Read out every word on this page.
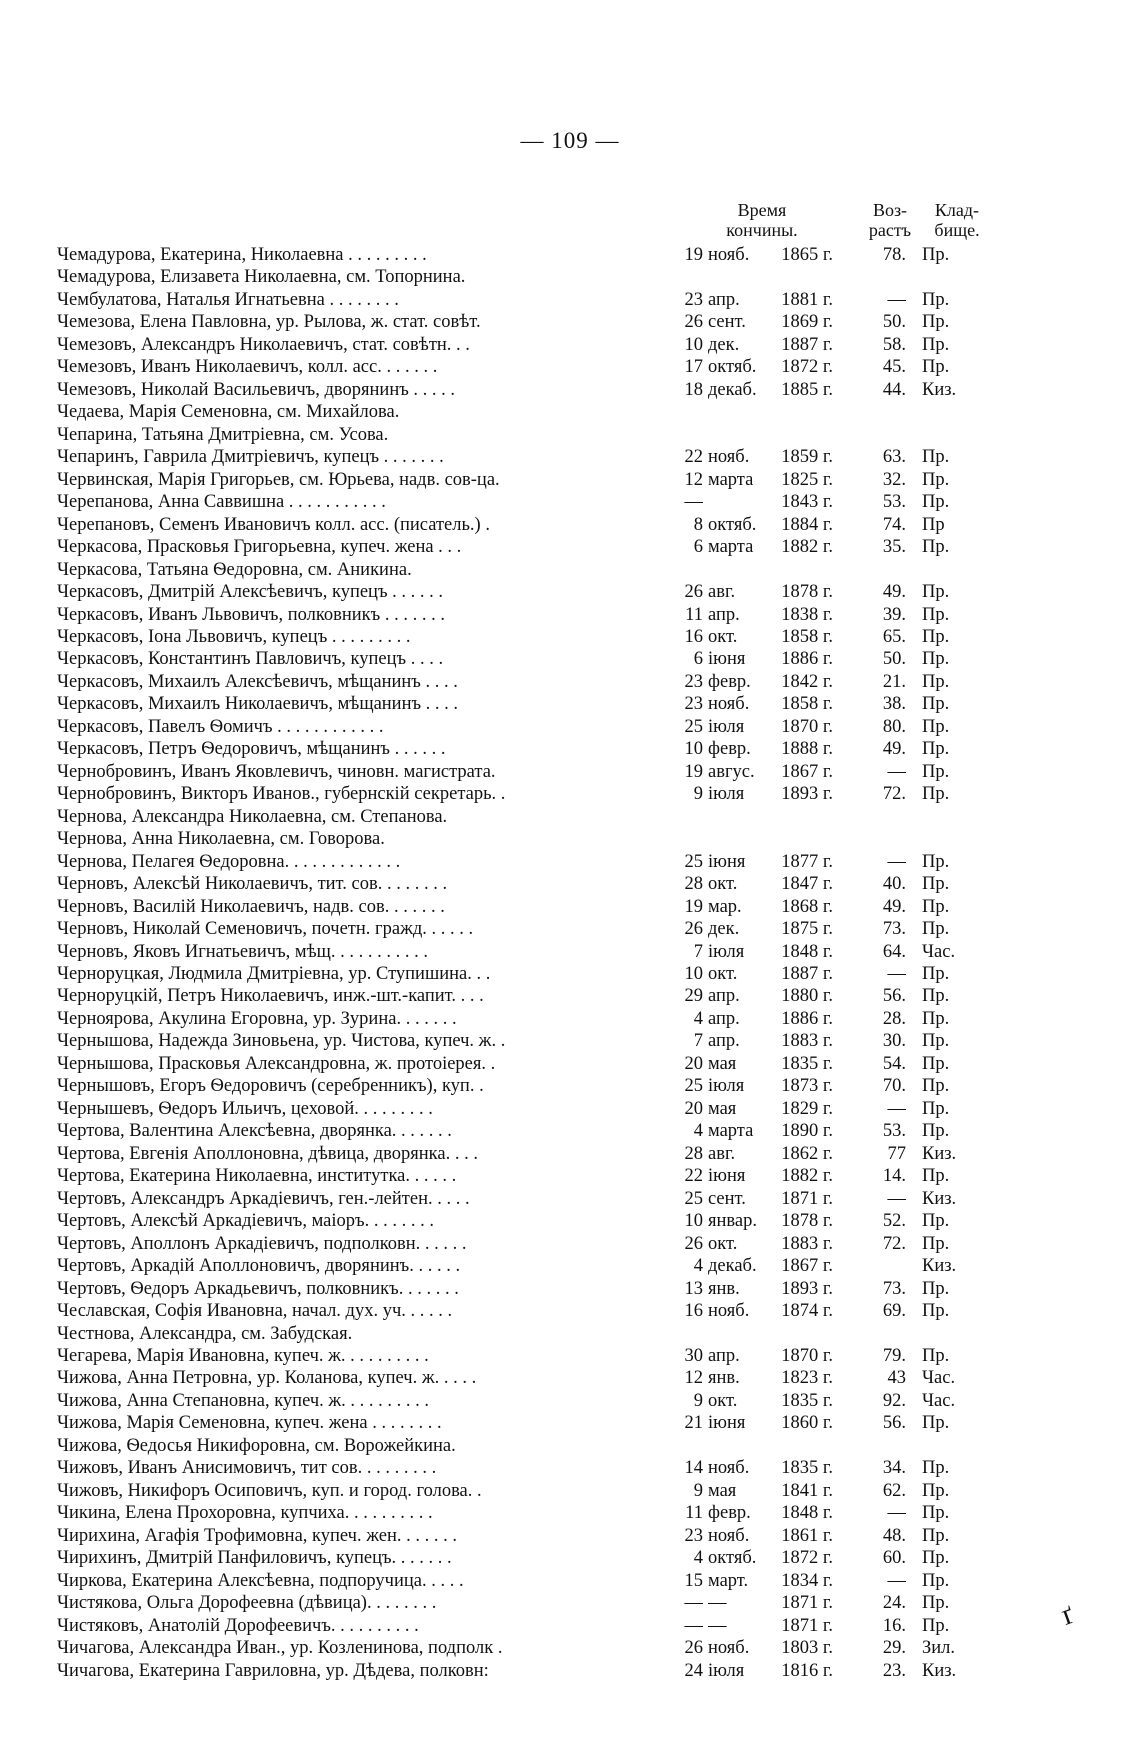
— 109 —
Время
кончины.
Воз-
растъ
Клад-
бище.
Чемадурова, Екатерина, Николаевна . . . . . . . . .	19 нояб.	1865 г.	78. Пр.
Чемадурова, Елизавета Николаевна, см. Топорнина.
Чембулатова, Наталья Игнатьевна . . . . . . . .	23 апр.	1881 г.	— Пр.
Чемезова, Елена Павловна, ур. Рылова, ж. стат. совѣт.	26 сент.	1869 г.	50. Пр.
Чемезовъ, Александръ Николаевичъ, стат. совѣтн. . .	10 дек.	1887 г.	58. Пр.
Чемезовъ, Иванъ Николаевичъ, колл. асс. . . . . . .	17 октяб.	1872 г.	45. Пр.
Чемезовъ, Николай Васильевичъ, дворянинъ . . . . .	18 декаб.	1885 г.	44. Киз.
Чедаева, Марія Семеновна, см. Михайлова.
Чепарина, Татьяна Дмитріевна, см. Усова.
Чепаринъ, Гаврила Дмитріевичъ, купецъ . . . . . . .	22 нояб.	1859 г.	63. Пр.
Червинская, Марія Григорьев, см. Юрьева, надв. сов-ца.	12 марта	1825 г.	32. Пр.
Черепанова, Анна Саввишна . . . . . . . . . . .	—	1843 г.	53. Пр.
Черепановъ, Семенъ Ивановичъ колл. асс. (писатель.) .	8 октяб.	1884 г.	74. Пр
Черкасова, Прасковья Григорьевна, купеч. жена . . .	6 марта	1882 г.	35. Пр.
Черкасова, Татьяна Ѳедоровна, см. Аникина.
Черкасовъ, Дмитрій Алексѣевичъ, купецъ . . . . . .	26 авг.	1878 г.	49. Пр.
Черкасовъ, Иванъ Львовичъ, полковникъ . . . . . . .	11 апр.	1838 г.	39. Пр.
Черкасовъ, Іона Львовичъ, купецъ . . . . . . . . .	16 окт.	1858 г.	65. Пр.
Черкасовъ, Константинъ Павловичъ, купецъ . . . .	6 іюня	1886 г.	50. Пр.
Черкасовъ, Михаилъ Алексѣевичъ, мѣщанинъ . . . .	23 февр.	1842 г.	21. Пр.
Черкасовъ, Михаилъ Николаевичъ, мѣщанинъ . . . .	23 нояб.	1858 г.	38. Пр.
Черкасовъ, Павелъ Ѳомичъ . . . . . . . . . . . .	25 іюля	1870 г.	80. Пр.
Черкасовъ, Петръ Ѳедоровичъ, мѣщанинъ . . . . . .	10 февр.	1888 г.	49. Пр.
Чернобровинъ, Иванъ Яковлевичъ, чиновн. магистрата.	19 авгус.	1867 г.	— Пр.
Чернобровинъ, Викторъ Иванов., губернскій секретарь. .	9 іюля	1893 г.	72. Пр.
Чернова, Александра Николаевна, см. Степанова.
Чернова, Анна Николаевна, см. Говорова.
Чернова, Пелагея Ѳедоровна. . . . . . . . . . . . .	25 іюня	1877 г.	— Пр.
Черновъ, Алексѣй Николаевичъ, тит. сов. . . . . . . .	28 окт.	1847 г.	40. Пр.
Черновъ, Василій Николаевичъ, надв. сов. . . . . . .	19 мар.	1868 г.	49. Пр.
Черновъ, Николай Семеновичъ, почетн. гражд. . . . . .	26 дек.	1875 г.	73. Пр.
Черновъ, Яковъ Игнатьевичъ, мѣщ. . . . . . . . . . .	7 іюля	1848 г.	64. Час.
Черноруцкая, Людмила Дмитріевна, ур. Ступишина. . .	10 окт.	1887 г.	— Пр.
Черноруцкій, Петръ Николаевичъ, инж.-шт.-капит. . . .	29 апр.	1880 г.	56. Пр.
Черноярова, Акулина Егоровна, ур. Зурина. . . . . . .	4 апр.	1886 г.	28. Пр.
Чернышова, Надежда Зиновьена, ур. Чистова, купеч. ж. .	7 апр.	1883 г.	30. Пр.
Чернышова, Прасковья Александровна, ж. протоіерея. .	20 мая	1835 г.	54. Пр.
Чернышовъ, Егоръ Ѳедоровичъ (серебренникъ), куп. .	25 іюля	1873 г.	70. Пр.
Чернышевъ, Ѳедоръ Ильичъ, цеховой. . . . . . . . .	20 мая	1829 г.	— Пр.
Чертова, Валентина Алексѣевна, дворянка. . . . . . .	4 марта	1890 г.	53. Пр.
Чертова, Евгенія Аполлоновна, дѣвица, дворянка. . . .	28 авг.	1862 г.	77 Киз.
Чертова, Екатерина Николаевна, институтка. . . . . .	22 іюня	1882 г.	14. Пр.
Чертовъ, Александръ Аркадіевичъ, ген.-лейтен. . . . .	25 сент.	1871 г.	— Киз.
Чертовъ, Алексѣй Аркадіевичъ, маіоръ. . . . . . . .	10 январ.	1878 г.	52. Пр.
Чертовъ, Аполлонъ Аркадіевичъ, подполковн. . . . . .	26 окт.	1883 г.	72. Пр.
Чертовъ, Аркадій Аполлоновичъ, дворянинъ. . . . . .	4 декаб.	1867 г.	Киз.
Чертовъ, Ѳедоръ Аркадьевичъ, полковникъ. . . . . . .	13 янв.	1893 г.	73. Пр.
Чеславская, Софія Ивановна, начал. дух. уч. . . . . .	16 нояб.	1874 г.	69. Пр.
Честнова, Александра, см. Забудская.
Чегарева, Марія Ивановна, купеч. ж. . . . . . . . . .	30 апр.	1870 г.	79. Пр.
Чижова, Анна Петровна, ур. Коланова, купеч. ж. . . . .	12 янв.	1823 г.	43 Час.
Чижова, Анна Степановна, купеч. ж. . . . . . . . . .	9 окт.	1835 г.	92. Час.
Чижова, Марія Семеновна, купеч. жена . . . . . . . .	21 іюня	1860 г.	56. Пр.
Чижова, Ѳедосья Никифоровна, см. Ворожейкина.
Чижовъ, Иванъ Анисимовичъ, тит сов. . . . . . . . .	14 нояб.	1835 г.	34. Пр.
Чижовъ, Никифоръ Осиповичъ, куп. и город. голова. .	9 мая	1841 г.	62. Пр.
Чикина, Елена Прохоровна, купчиха. . . . . . . . . .	11 февр.	1848 г.	— Пр.
Чирихина, Агафія Трофимовна, купеч. жен. . . . . . .	23 нояб.	1861 г.	48. Пр.
Чирихинъ, Дмитрій Панфиловичъ, купецъ. . . . . . .	4 октяб.	1872 г.	60. Пр.
Чиркова, Екатерина Алексѣевна, подпоручица. . . . .	15 март.	1834 г.	— Пр.
Чистякова, Ольга Дорофеевна (дѣвица). . . . . . . .	— —	1871 г.	24. Пр.
Чистяковъ, Анатолій Дорофеевичъ. . . . . . . . . .	— —	1871 г.	16. Пр.
Чичагова, Александра Иван., ур. Козленинова, подполк .	26 нояб.	1803 г.	29. Зил.
Чичагова, Екатерина Гавриловна, ур. Дѣдева, полковн:	24 іюля	1816 г.	23. Киз.
ґ
